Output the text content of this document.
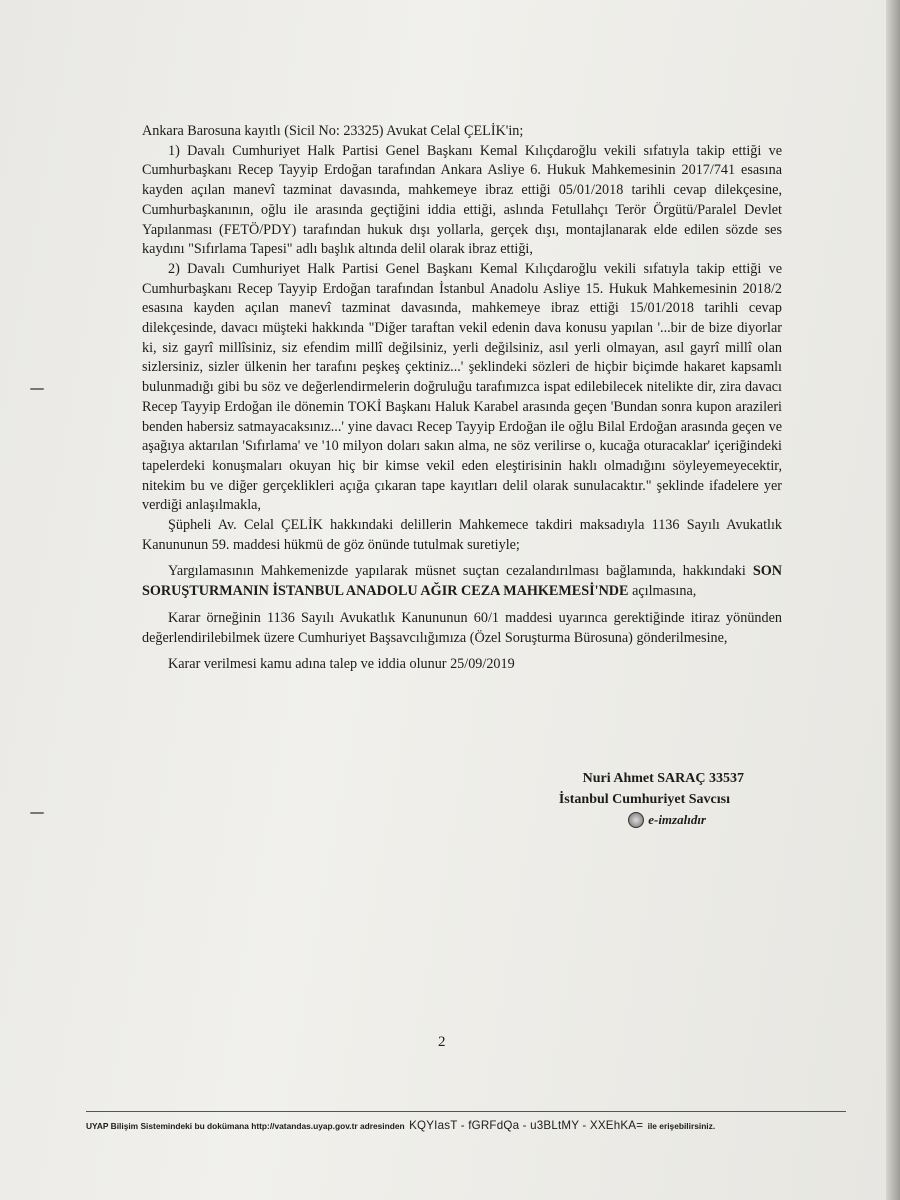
Ankara Barosuna kayıtlı (Sicil No: 23325) Avukat Celal ÇELİK'in;

1) Davalı Cumhuriyet Halk Partisi Genel Başkanı Kemal Kılıçdaroğlu vekili sıfatıyla takip ettiği ve Cumhurbaşkanı Recep Tayyip Erdoğan tarafından Ankara Asliye 6. Hukuk Mahkemesinin 2017/741 esasına kayden açılan manevî tazminat davasında, mahkemeye ibraz ettiği 05/01/2018 tarihli cevap dilekçesine, Cumhurbaşkanının, oğlu ile arasında geçtiğini iddia ettiği, aslında Fetullahçı Terör Örgütü/Paralel Devlet Yapılanması (FETÖ/PDY) tarafından hukuk dışı yollarla, gerçek dışı, montajlanarak elde edilen sözde ses kaydını "Sıfırlama Tapesi" adlı başlık altında delil olarak ibraz ettiği,

2) Davalı Cumhuriyet Halk Partisi Genel Başkanı Kemal Kılıçdaroğlu vekili sıfatıyla takip ettiği ve Cumhurbaşkanı Recep Tayyip Erdoğan tarafından İstanbul Anadolu Asliye 15. Hukuk Mahkemesinin 2018/2 esasına kayden açılan manevî tazminat davasında, mahkemeye ibraz ettiği 15/01/2018 tarihli cevap dilekçesinde, davacı müşteki hakkında "Diğer taraftan vekil edenin dava konusu yapılan '...bir de bize diyorlar ki, siz gayrî millîsiniz, siz efendim millî değilsiniz, yerli değilsiniz, asıl yerli olmayan, asıl gayrî millî olan sizlersiniz, sizler ülkenin her tarafını peşkeş çektiniz...' şeklindeki sözleri de hiçbir biçimde hakaret kapsamlı bulunmadığı gibi bu söz ve değerlendirmelerin doğruluğu tarafımızca ispat edilebilecek nitelikte dir, zira davacı Recep Tayyip Erdoğan ile dönemin TOKİ Başkanı Haluk Karabel arasında geçen 'Bundan sonra kupon arazileri benden habersiz satmayacaksınız...' yine davacı Recep Tayyip Erdoğan ile oğlu Bilal Erdoğan arasında geçen ve aşağıya aktarılan 'Sıfırlama' ve '10 milyon doları sakın alma, ne söz verilirse o, kucağa oturacaklar' içeriğindeki tapelerdeki konuşmaları okuyan hiç bir kimse vekil eden eleştirisinin haklı olmadığını söyleyemeyecektir, nitekim bu ve diğer gerçeklikleri açığa çıkaran tape kayıtları delil olarak sunulacaktır." şeklinde ifadelere yer verdiği anlaşılmakla,

Şüpheli Av. Celal ÇELİK hakkındaki delillerin Mahkemece takdiri maksadıyla 1136 Sayılı Avukatlık Kanununun 59. maddesi hükmü de göz önünde tutulmak suretiyle;

Yargılamasının Mahkemenizde yapılarak müsnet suçtan cezalandırılması bağlamında, hakkındaki SON SORUŞTURMANIN İSTANBUL ANADOLU AĞIR CEZA MAHKEMESİ'NDE açılmasına,

Karar örneğinin 1136 Sayılı Avukatlık Kanununun 60/1 maddesi uyarınca gerektiğinde itiraz yönünden değerlendirilebilmek üzere Cumhuriyet Başsavcılığımıza (Özel Soruşturma Bürosuna) gönderilmesine,

Karar verilmesi kamu adına talep ve iddia olunur 25/09/2019

Nuri Ahmet SARAÇ 33537
İstanbul Cumhuriyet Savcısı
e-imzalıdır
2
UYAP Bilişim Sistemindeki bu dokümana http://vatandas.uyap.gov.tr adresinden KQYIasT - fGRFdQa - u3BLtMY - XXEhKA= ile erişebilirsiniz.
